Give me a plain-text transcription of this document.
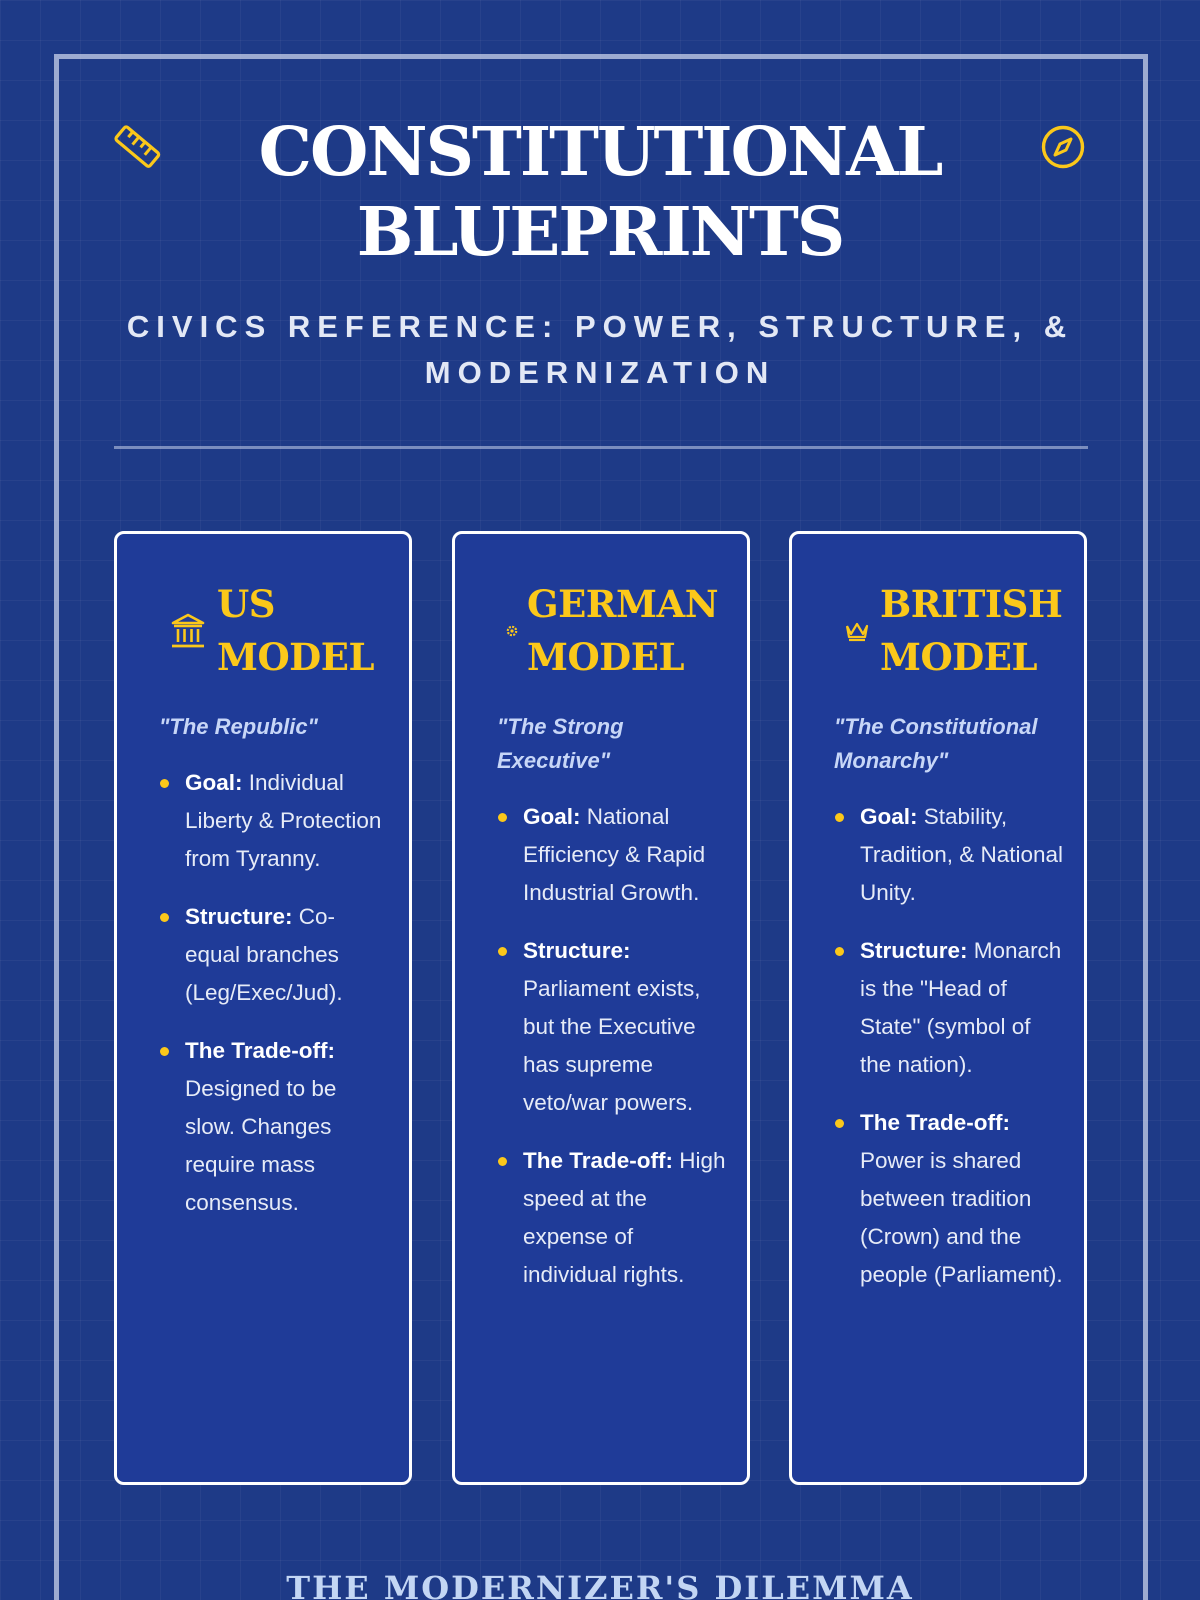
CONSTITUTIONAL
BLUEPRINTS
CIVICS REFERENCE: POWER, STRUCTURE, &
MODERNIZATION
US
MODEL
"The Republic"
Goal: Individual Liberty & Protection from Tyranny.
Structure: Co-equal branches (Leg/Exec/Jud).
The Trade-off: Designed to be slow. Changes require mass consensus.
GERMAN
MODEL
"The Strong Executive"
Goal: National Efficiency & Rapid Industrial Growth.
Structure: Parliament exists, but the Executive has supreme veto/war powers.
The Trade-off: High speed at the expense of individual rights.
BRITISH
MODEL
"The Constitutional Monarchy"
Goal: Stability, Tradition, & National Unity.
Structure: Monarch is the "Head of State" (symbol of the nation).
The Trade-off: Power is shared between tradition (Crown) and the people (Parliament).
THE MODERNIZER'S DILEMMA
